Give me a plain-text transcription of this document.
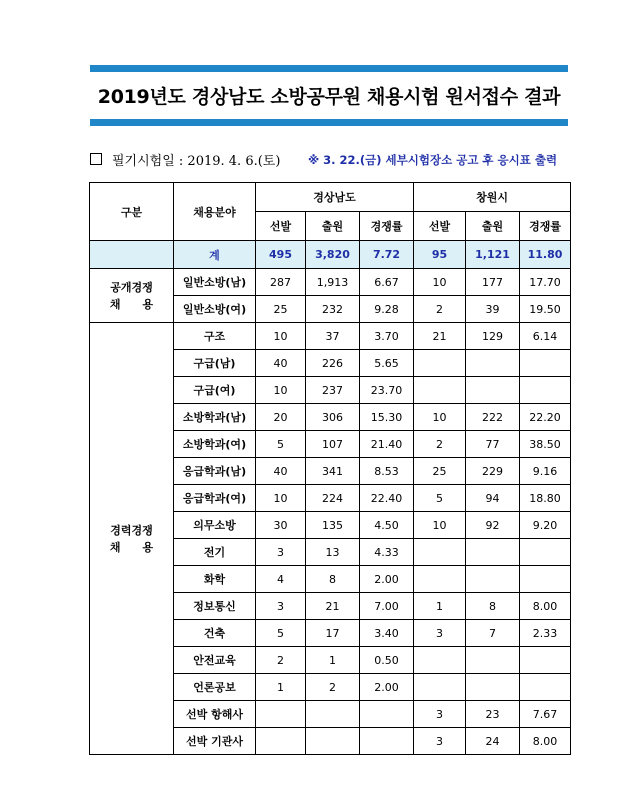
2019년도 경상남도 소방공무원 채용시험 원서접수 결과
필기시험일 : 2019. 4. 6.(토) ※ 3. 22.(금) 세부시험장소 공고 후 응시표 출력
구분	채용분야	경상남도			창원시		
		선발	출원	경쟁률	선발	출원	경쟁률
	계	495	3,820	7.72	95	1,121	11.80

공개경쟁
채　　용	일반소방(남)	287	1,913	6.67	10	177	17.70
	일반소방(여)	25	232	9.28	2	39	19.50

경력경쟁
채　　용	구조	10	37	3.70	21	129	6.14
	구급(남)	40	226	5.65			
	구급(여)	10	237	23.70			
	소방학과(남)	20	306	15.30	10	222	22.20
	소방학과(여)	5	107	21.40	2	77	38.50
	응급학과(남)	40	341	8.53	25	229	9.16
	응급학과(여)	10	224	22.40	5	94	18.80
	의무소방	30	135	4.50	10	92	9.20
	전기	3	13	4.33			
	화학	4	8	2.00			
	정보통신	3	21	7.00	1	8	8.00
	건축	5	17	3.40	3	7	2.33
	안전교육	2	1	0.50			
	언론공보	1	2	2.00			
	선박 항해사				3	23	7.67
	선박 기관사				3	24	8.00
